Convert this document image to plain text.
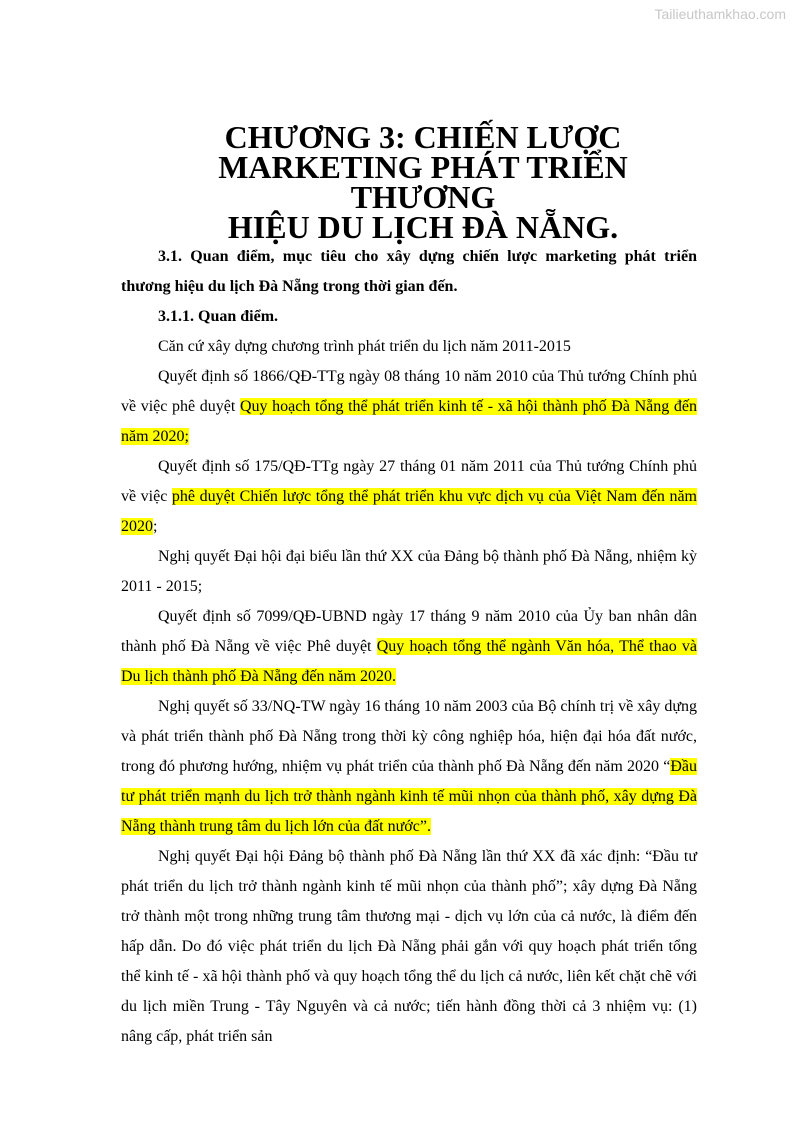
Tailieuthamkhao.com
CHƯƠNG 3: CHIẾN LƯỢC MARKETING PHÁT TRIỂN THƯƠNG
HIỆU DU LỊCH ĐÀ NẴNG.

3.1. Quan điểm, mục tiêu cho xây dựng chiến lược marketing phát triển thương hiệu du lịch Đà Nẵng trong thời gian đến.

3.1.1. Quan điểm.

Căn cứ xây dựng chương trình phát triển du lịch năm 2011-2015

Quyết định số 1866/QĐ-TTg ngày 08 tháng 10 năm 2010 của Thủ tướng Chính phủ về việc phê duyệt Quy hoạch tổng thể phát triển kinh tế - xã hội thành phố Đà Nẵng đến năm 2020;

Quyết định số 175/QĐ-TTg ngày 27 tháng 01 năm 2011 của Thủ tướng Chính phủ về việc phê duyệt Chiến lược tổng thể phát triển khu vực dịch vụ của Việt Nam đến năm 2020;

Nghị quyết Đại hội đại biểu lần thứ XX của Đảng bộ thành phố Đà Nẵng, nhiệm kỳ 2011 - 2015;

Quyết định số 7099/QĐ-UBND ngày 17 tháng 9 năm 2010 của Ủy ban nhân dân thành phố Đà Nẵng về việc Phê duyệt Quy hoạch tổng thể ngành Văn hóa, Thể thao và Du lịch thành phố Đà Nẵng đến năm 2020.

Nghị quyết số 33/NQ-TW ngày 16 tháng 10 năm 2003 của Bộ chính trị về xây dựng và phát triển thành phố Đà Nẵng trong thời kỳ công nghiệp hóa, hiện đại hóa đất nước, trong đó phương hướng, nhiệm vụ phát triển của thành phố Đà Nẵng đến năm 2020 “Đầu tư phát triển mạnh du lịch trở thành ngành kinh tế mũi nhọn của thành phố, xây dựng Đà Nẵng thành trung tâm du lịch lớn của đất nước”.

Nghị quyết Đại hội Đảng bộ thành phố Đà Nẵng lần thứ XX đã xác định: “Đầu tư phát triển du lịch trở thành ngành kinh tế mũi nhọn của thành phố”; xây dựng Đà Nẵng trở thành một trong những trung tâm thương mại - dịch vụ lớn của cả nước, là điểm đến hấp dẫn. Do đó việc phát triển du lịch Đà Nẵng phải gắn với quy hoạch phát triển tổng thể kinh tế - xã hội thành phố và quy hoạch tổng thể du lịch cả nước, liên kết chặt chẽ với du lịch miền Trung - Tây Nguyên và cả nước; tiến hành đồng thời cả 3 nhiệm vụ: (1) nâng cấp, phát triển sản
